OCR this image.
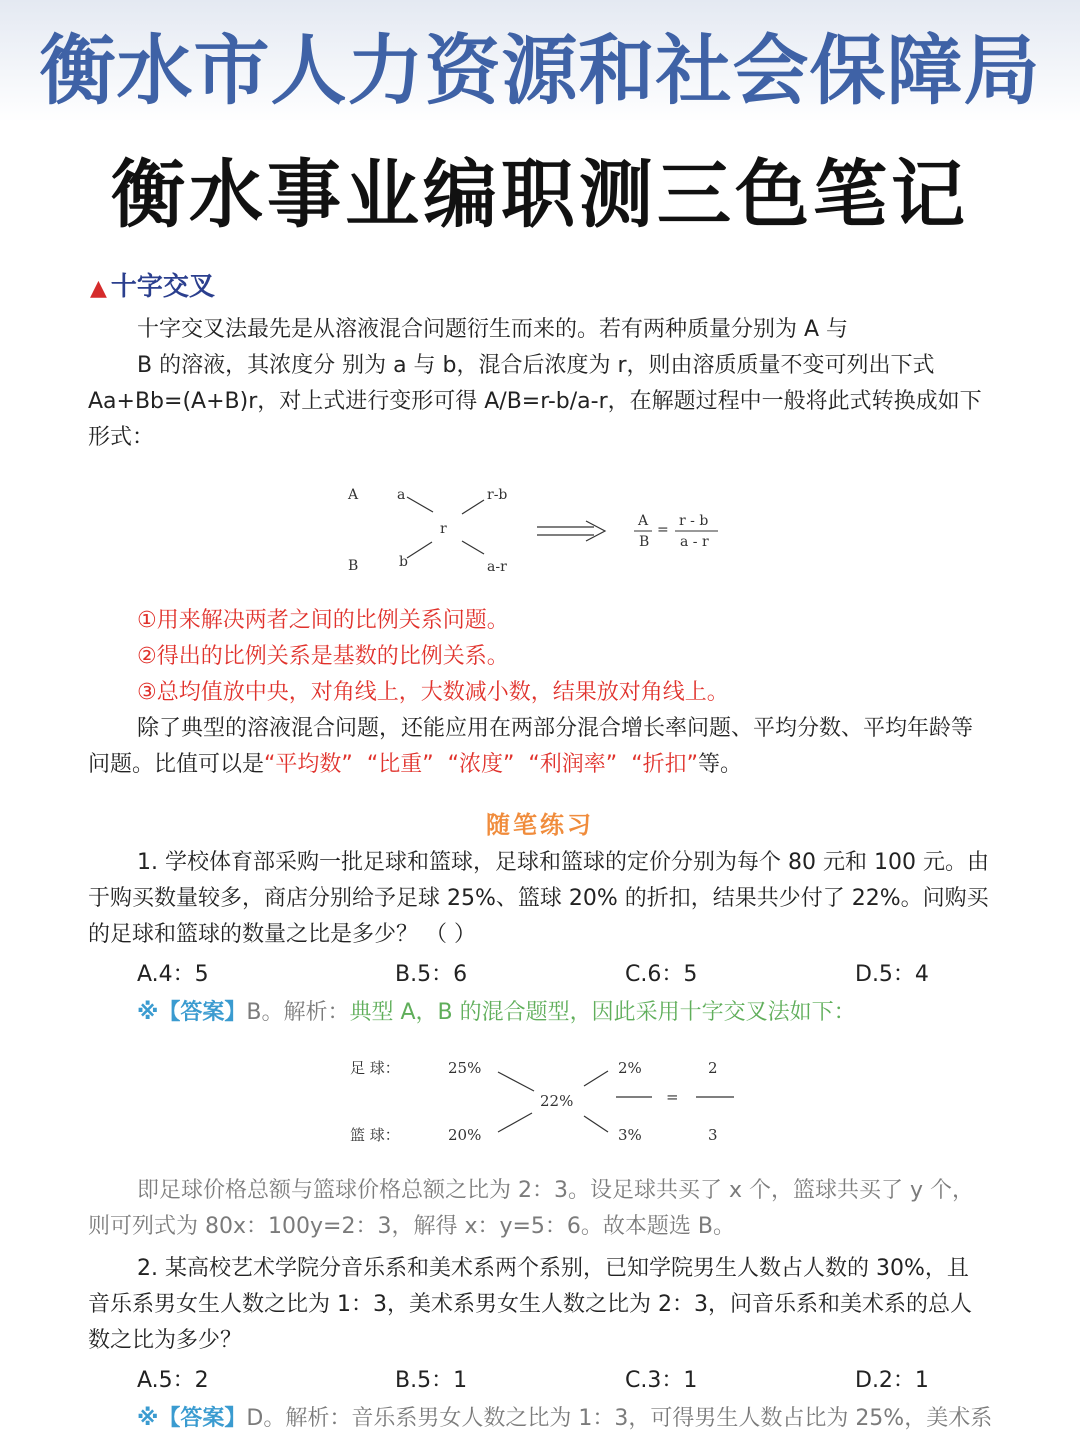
衡水市人力资源和社会保障局
衡水事业编职测三色笔记
▲ 十字交叉
十字交叉法最先是从溶液混合问题衍生而来的。若有两种质量分别为 A 与
B 的溶液，其浓度分 别为 a 与 b，混合后浓度为 r，则由溶质质量不变可列出下式
Aa+Bb=(A+B)r，对上式进行变形可得 A/B=r-b/a-r，在解题过程中一般将此式转换成如下
形式：
A	a	r-b
r
B	b	a-r
A
B
=
r - b
a - r
①用来解决两者之间的比例关系问题。
②得出的比例关系是基数的比例关系。
③总均值放中央，对角线上，大数减小数，结果放对角线上。
除了典型的溶液混合问题，还能应用在两部分混合增长率问题、平均分数、平均年龄等
问题。比值可以是“平均数” “比重” “浓度” “利润率” “折扣”等。
随笔练习
1. 学校体育部采购一批足球和篮球，足球和篮球的定价分别为每个 80 元和 100 元。由
于购买数量较多，商店分别给予足球 25%、篮球 20% 的折扣，结果共少付了 22%。问购买
的足球和篮球的数量之比是多少？ （ ）
A.4：5	B.5：6	C.6：5	D.5：4
※【答案】B。解析：典型 A，B 的混合题型，因此采用十字交叉法如下：
足 球：	25%
篮 球：	20%
22%
2%
3%
=
2
3
即足球价格总额与篮球价格总额之比为 2：3。设足球共买了 x 个，篮球共买了 y 个，
则可列式为 80x：100y=2：3，解得 x：y=5：6。故本题选 B。
2. 某高校艺术学院分音乐系和美术系两个系别，已知学院男生人数占人数的 30%，且
音乐系男女生人数之比为 1：3，美术系男女生人数之比为 2：3，问音乐系和美术系的总人
数之比为多少？
A.5：2	B.5：1	C.3：1	D.2：1
※【答案】D。解析：音乐系男女人数之比为 1：3，可得男生人数占比为 25%，美术系
